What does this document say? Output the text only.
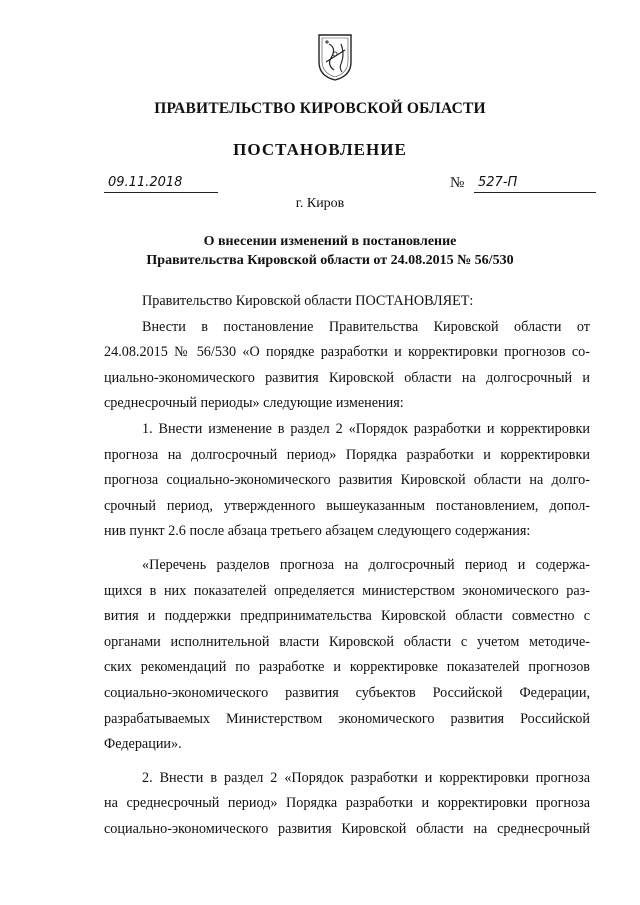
ПРАВИТЕЛЬСТВО КИРОВСКОЙ ОБЛАСТИ
ПОСТАНОВЛЕНИЕ
09.11.2018	№	527-П
г. Киров
О внесении изменений в постановление
Правительства Кировской области от 24.08.2015 № 56/530
Правительство Кировской области ПОСТАНОВЛЯЕТ:
Внести в постановление Правительства Кировской области от
24.08.2015 № 56/530 «О порядке разработки и корректировки прогнозов со-
циально-экономического развития Кировской области на долгосрочный и
среднесрочный периоды» следующие изменения:
1. Внести изменение в раздел 2 «Порядок разработки и корректировки
прогноза на долгосрочный период» Порядка разработки и корректировки
прогноза социально-экономического развития Кировской области на долго-
срочный период, утвержденного вышеуказанным постановлением, допол-
нив пункт 2.6 после абзаца третьего абзацем следующего содержания:
«Перечень разделов прогноза на долгосрочный период и содержа-
щихся в них показателей определяется министерством экономического раз-
вития и поддержки предпринимательства Кировской области совместно с
органами исполнительной власти Кировской области с учетом методиче-
ских рекомендаций по разработке и корректировке показателей прогнозов
социально-экономического развития субъектов Российской Федерации,
разрабатываемых Министерством экономического развития Российской
Федерации».
2. Внести в раздел 2 «Порядок разработки и корректировки прогноза
на среднесрочный период» Порядка разработки и корректировки прогноза
социально-экономического развития Кировской области на среднесрочный
